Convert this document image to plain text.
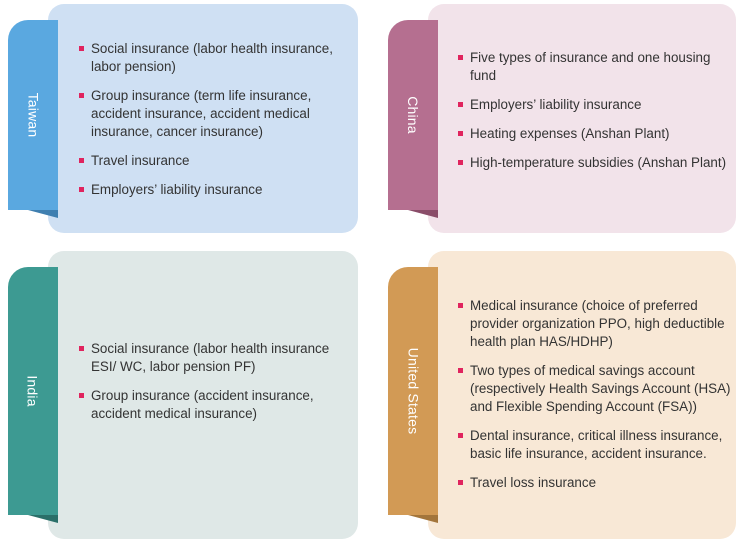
Taiwan
Social insurance (labor health insurance, labor pension)
Group insurance (term life insurance, accident insurance, accident medical insurance, cancer insurance)
Travel insurance
Employers’ liability insurance
China
Five types of insurance and one housing fund
Employers’ liability insurance
Heating expenses (Anshan Plant)
High-temperature subsidies (Anshan Plant)
India
Social insurance (labor health insurance ESI/ WC, labor pension PF)
Group insurance (accident insurance, accident medical insurance)	United States
Medical insurance (choice of preferred provider organization PPO, high deductible health plan HAS/HDHP)
Two types of medical savings account (respectively Health Savings Account (HSA) and Flexible Spending Account (FSA))
Dental insurance, critical illness insurance, basic life insurance, accident insurance.
Travel loss insurance
